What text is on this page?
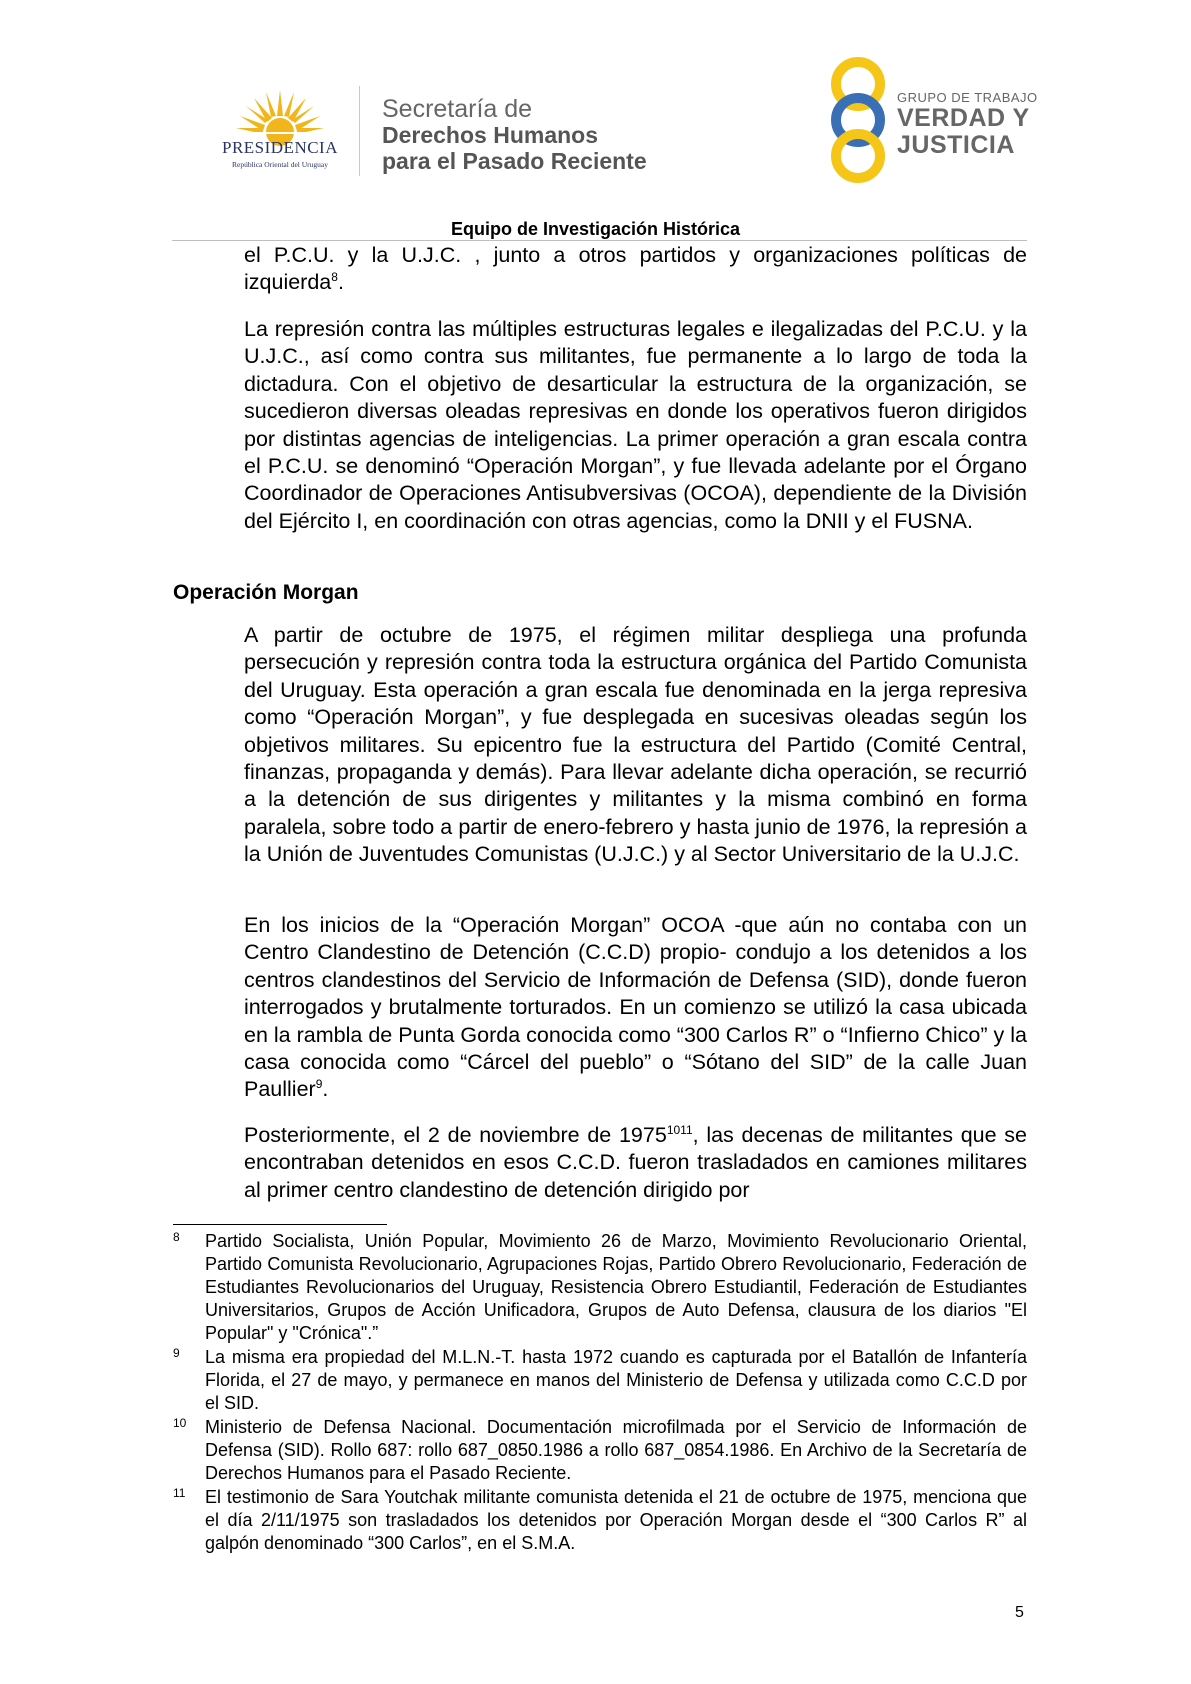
PRESIDENCIA
República Oriental del Uruguay
Secretaría de
Derechos Humanos
para el Pasado Reciente
GRUPO DE TRABAJO
VERDAD Y
JUSTICIA
Equipo de Investigación Histórica

el P.C.U. y la U.J.C. , junto a otros partidos y organizaciones políticas de izquierda$^8$.

La represión contra las múltiples estructuras legales e ilegalizadas del P.C.U. y la U.J.C., así como contra sus militantes, fue permanente a lo largo de toda la dictadura. Con el objetivo de desarticular la estructura de la organización, se sucedieron diversas oleadas represivas en donde los operativos fueron dirigidos por distintas agencias de inteligencias. La primer operación a gran escala contra el P.C.U. se denominó “Operación Morgan”, y fue llevada adelante por el Órgano Coordinador de Operaciones Antisubversivas (OCOA), dependiente de la División del Ejército I, en coordinación con otras agencias, como la DNII y el FUSNA.

Operación Morgan

A partir de octubre de 1975, el régimen militar despliega una profunda persecución y represión contra toda la estructura orgánica del Partido Comunista del Uruguay. Esta operación a gran escala fue denominada en la jerga represiva como “Operación Morgan”, y fue desplegada en sucesivas oleadas según los objetivos militares. Su epicentro fue la estructura del Partido (Comité Central, finanzas, propaganda y demás). Para llevar adelante dicha operación, se recurrió a la detención de sus dirigentes y militantes y la misma combinó en forma paralela, sobre todo a partir de enero-febrero y hasta junio de 1976, la represión a la Unión de Juventudes Comunistas (U.J.C.) y al Sector Universitario de la U.J.C.

En los inicios de la “Operación Morgan” OCOA -que aún no contaba con un Centro Clandestino de Detención (C.C.D) propio- condujo a los detenidos a los centros clandestinos del Servicio de Información de Defensa (SID), donde fueron interrogados y brutalmente torturados. En un comienzo se utilizó la casa ubicada en la rambla de Punta Gorda conocida como “300 Carlos R” o “Infierno Chico” y la casa conocida como “Cárcel del pueblo” o “Sótano del SID” de la calle Juan Paullier$^9$.

Posteriormente, el 2 de noviembre de $1975^{1011}$, las decenas de militantes que se encontraban detenidos en esos C.C.D. fueron trasladados en camiones militares al primer centro clandestino de detención dirigido por

8 Partido Socialista, Unión Popular, Movimiento 26 de Marzo, Movimiento Revolucionario Oriental, Partido Comunista Revolucionario, Agrupaciones Rojas, Partido Obrero Revolucionario, Federación de Estudiantes Revolucionarios del Uruguay, Resistencia Obrero Estudiantil, Federación de Estudiantes Universitarios, Grupos de Acción Unificadora, Grupos de Auto Defensa, clausura de los diarios "El Popular" y "Crónica".”
9 La misma era propiedad del M.L.N.-T. hasta 1972 cuando es capturada por el Batallón de Infantería Florida, el 27 de mayo, y permanece en manos del Ministerio de Defensa y utilizada como C.C.D por el SID.
10 Ministerio de Defensa Nacional. Documentación microfilmada por el Servicio de Información de Defensa (SID). Rollo 687: rollo 687_0850.1986 a rollo 687_0854.1986. En Archivo de la Secretaría de Derechos Humanos para el Pasado Reciente.
11 El testimonio de Sara Youtchak militante comunista detenida el 21 de octubre de 1975, menciona que el día 2/11/1975 son trasladados los detenidos por Operación Morgan desde el “300 Carlos R” al galpón denominado “300 Carlos”, en el S.M.A.
5
